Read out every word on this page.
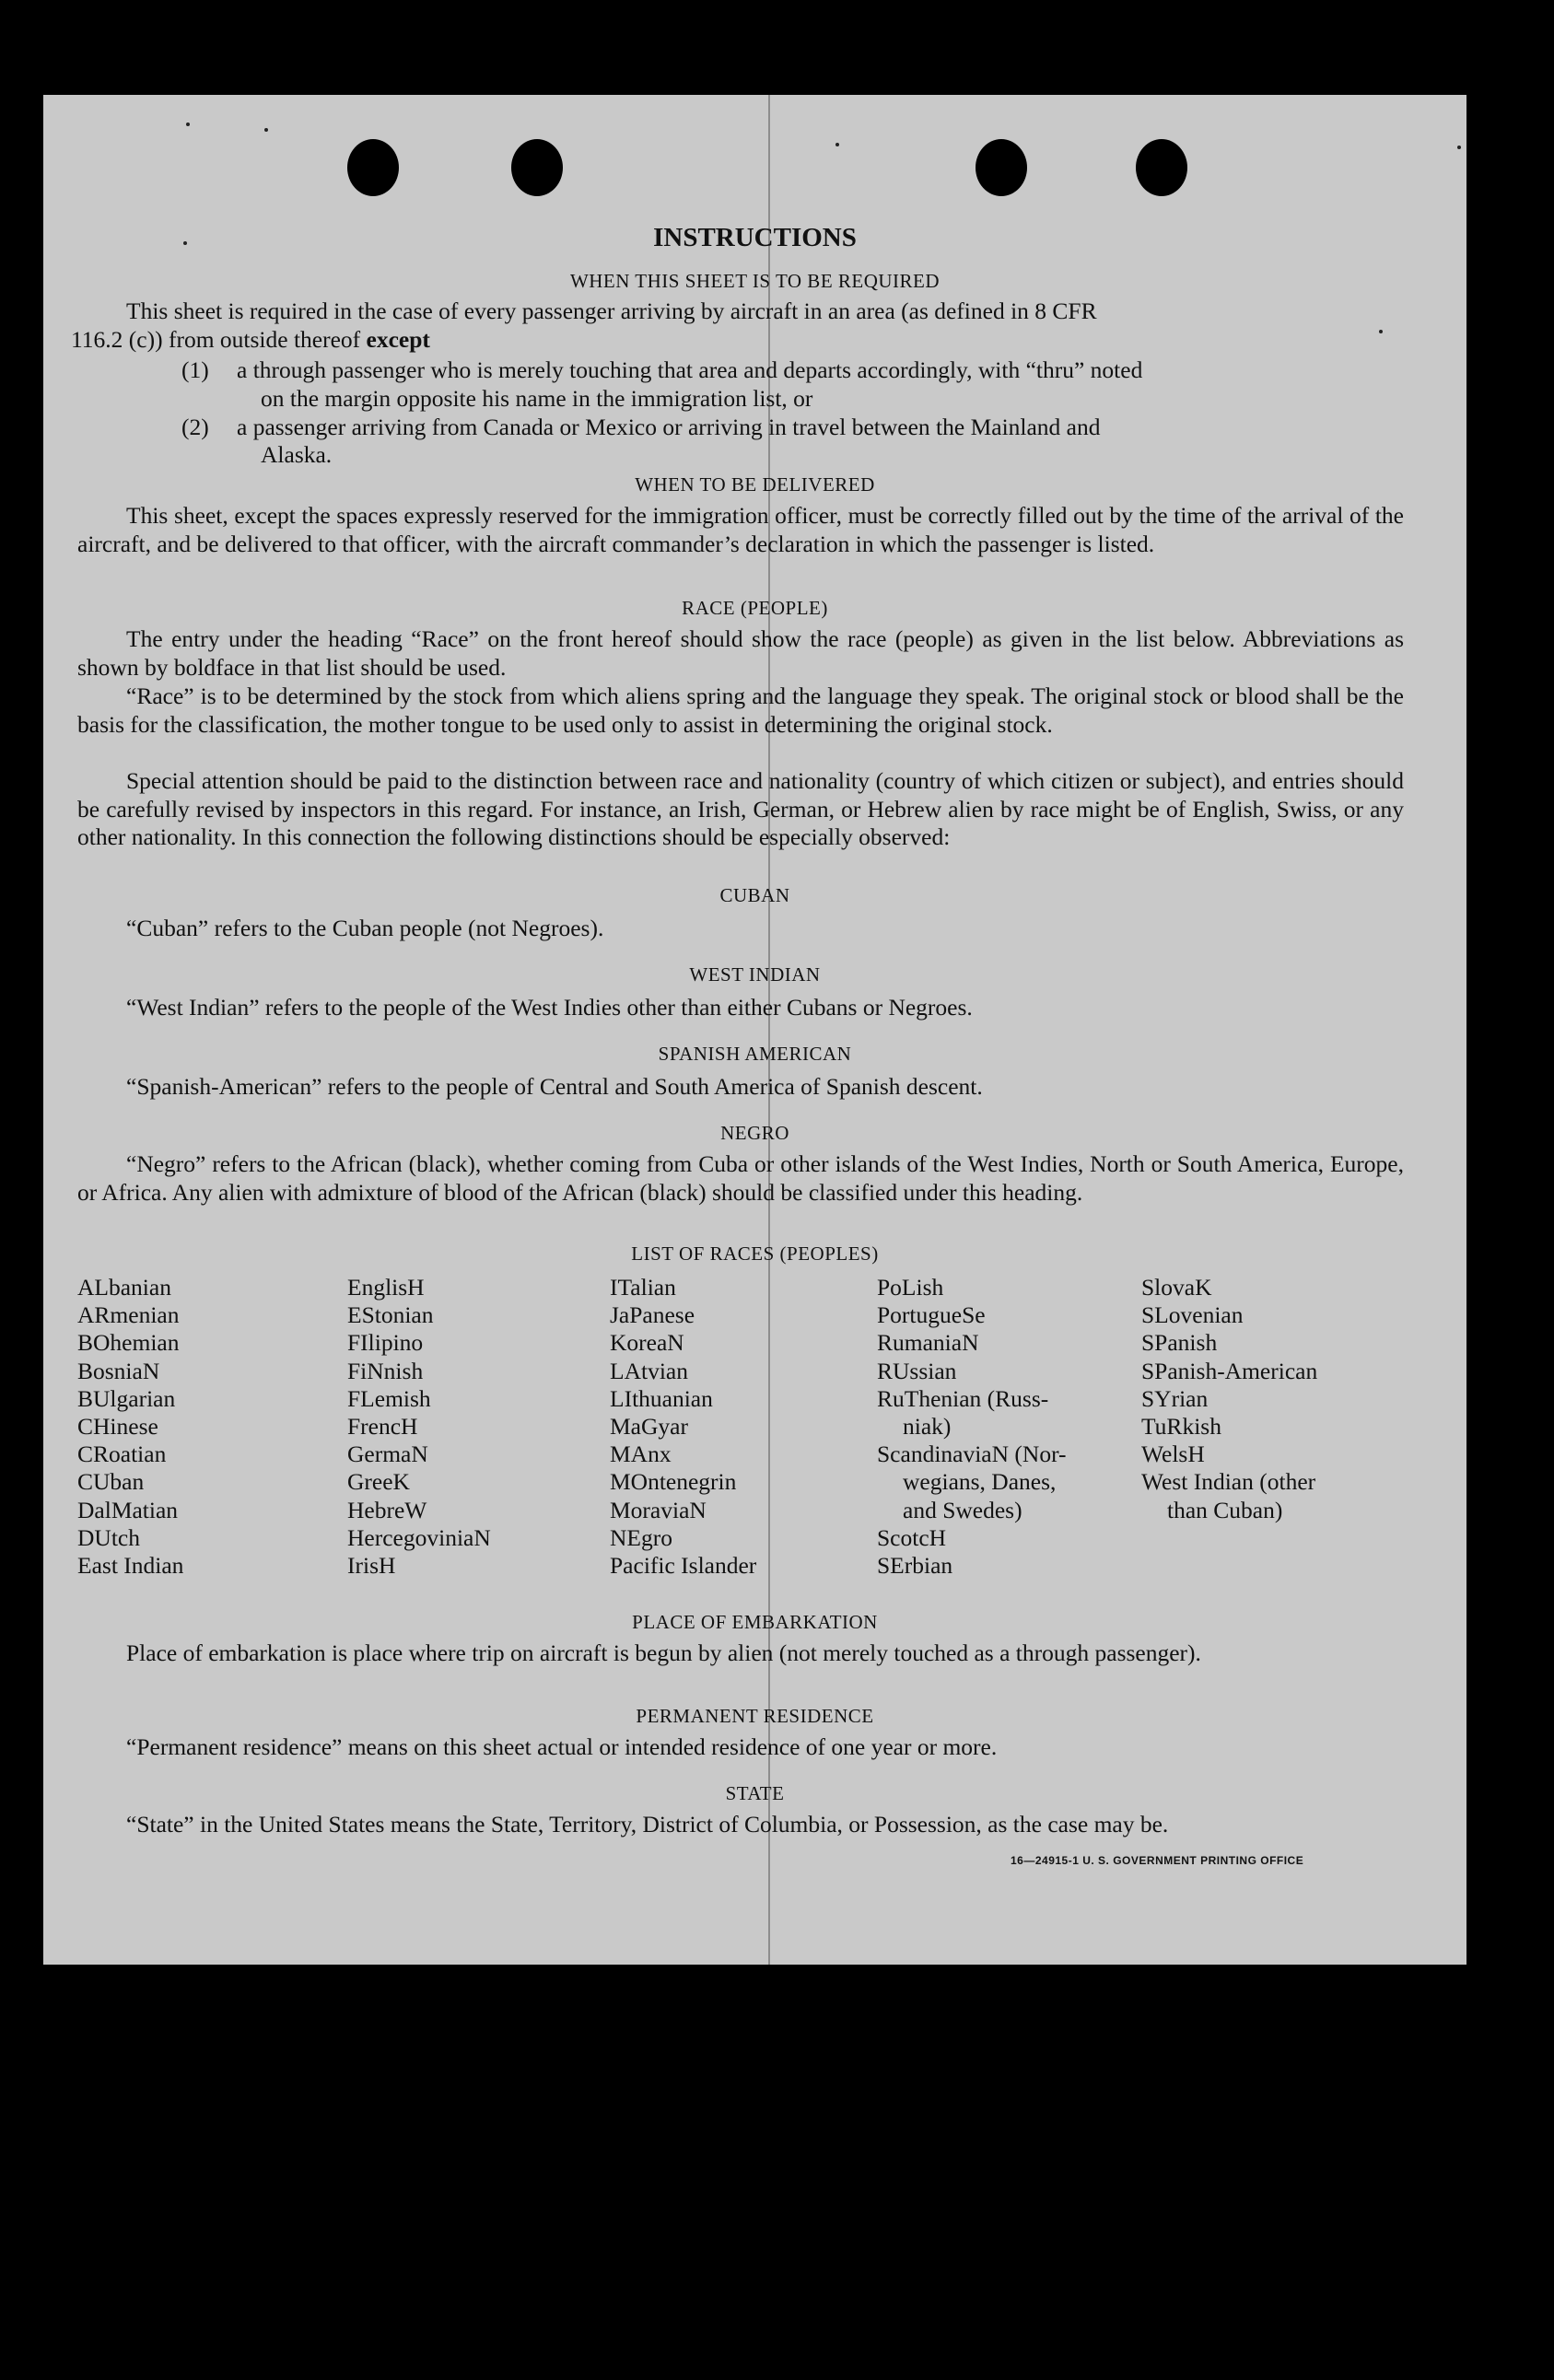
INSTRUCTIONS
WHEN THIS SHEET IS TO BE REQUIRED
This sheet is required in the case of every passenger arriving by aircraft in an area (as defined in 8 CFR
116.2 (c)) from outside thereof except
(1) a through passenger who is merely touching that area and departs accordingly, with “thru” noted
on the margin opposite his name in the immigration list, or
(2) a passenger arriving from Canada or Mexico or arriving in travel between the Mainland and
Alaska.
WHEN TO BE DELIVERED
This sheet, except the spaces expressly reserved for the immigration officer, must be correctly filled out by the time of the arrival of the aircraft, and be delivered to that officer, with the aircraft commander’s declaration in which the passenger is listed.
RACE (PEOPLE)
The entry under the heading “Race” on the front hereof should show the race (people) as given in the list below. Abbreviations as shown by boldface in that list should be used.
“Race” is to be determined by the stock from which aliens spring and the language they speak. The original stock or blood shall be the basis for the classification, the mother tongue to be used only to assist in determining the original stock.
Special attention should be paid to the distinction between race and nationality (country of which citizen or subject), and entries should be carefully revised by inspectors in this regard. For instance, an Irish, German, or Hebrew alien by race might be of English, Swiss, or any other nationality. In this connection the following distinctions should be especially observed:
CUBAN
“Cuban” refers to the Cuban people (not Negroes).
WEST INDIAN
“West Indian” refers to the people of the West Indies other than either Cubans or Negroes.
SPANISH AMERICAN
“Spanish-American” refers to the people of Central and South America of Spanish descent.
NEGRO
“Negro” refers to the African (black), whether coming from Cuba or other islands of the West Indies, North or South America, Europe, or Africa. Any alien with admixture of blood of the African (black) should be classified under this heading.
LIST OF RACES (PEOPLES)
ALbanian
ARmenian
BOhemian
BosniaN
BUlgarian
CHinese
CRoatian
CUban
DalMatian
DUtch
East Indian
EnglisH
EStonian
FIlipino
FiNnish
FLemish
FrencH
GermaN
GreeK
HebreW
HercegoviniaN
IrisH
ITalian
JaPanese
KoreaN
LAtvian
LIthuanian
MaGyar
MAnx
MOntenegrin
MoraviaN
NEgro
Pacific Islander
PoLish
PortugueSe
RumaniaN
RUssian
RuThenian (Russ-
niak)
ScandinaviaN (Nor-
wegians, Danes,
and Swedes)
ScotcH
SErbian
SlovaK
SLovenian
SPanish
SPanish-American
SYrian
TuRkish
WelsH
West Indian (other
than Cuban)
PLACE OF EMBARKATION
Place of embarkation is place where trip on aircraft is begun by alien (not merely touched as a through passenger).
PERMANENT RESIDENCE
“Permanent residence” means on this sheet actual or intended residence of one year or more.
STATE
“State” in the United States means the State, Territory, District of Columbia, or Possession, as the case may be.
16—24915-1 U. S. GOVERNMENT PRINTING OFFICE
